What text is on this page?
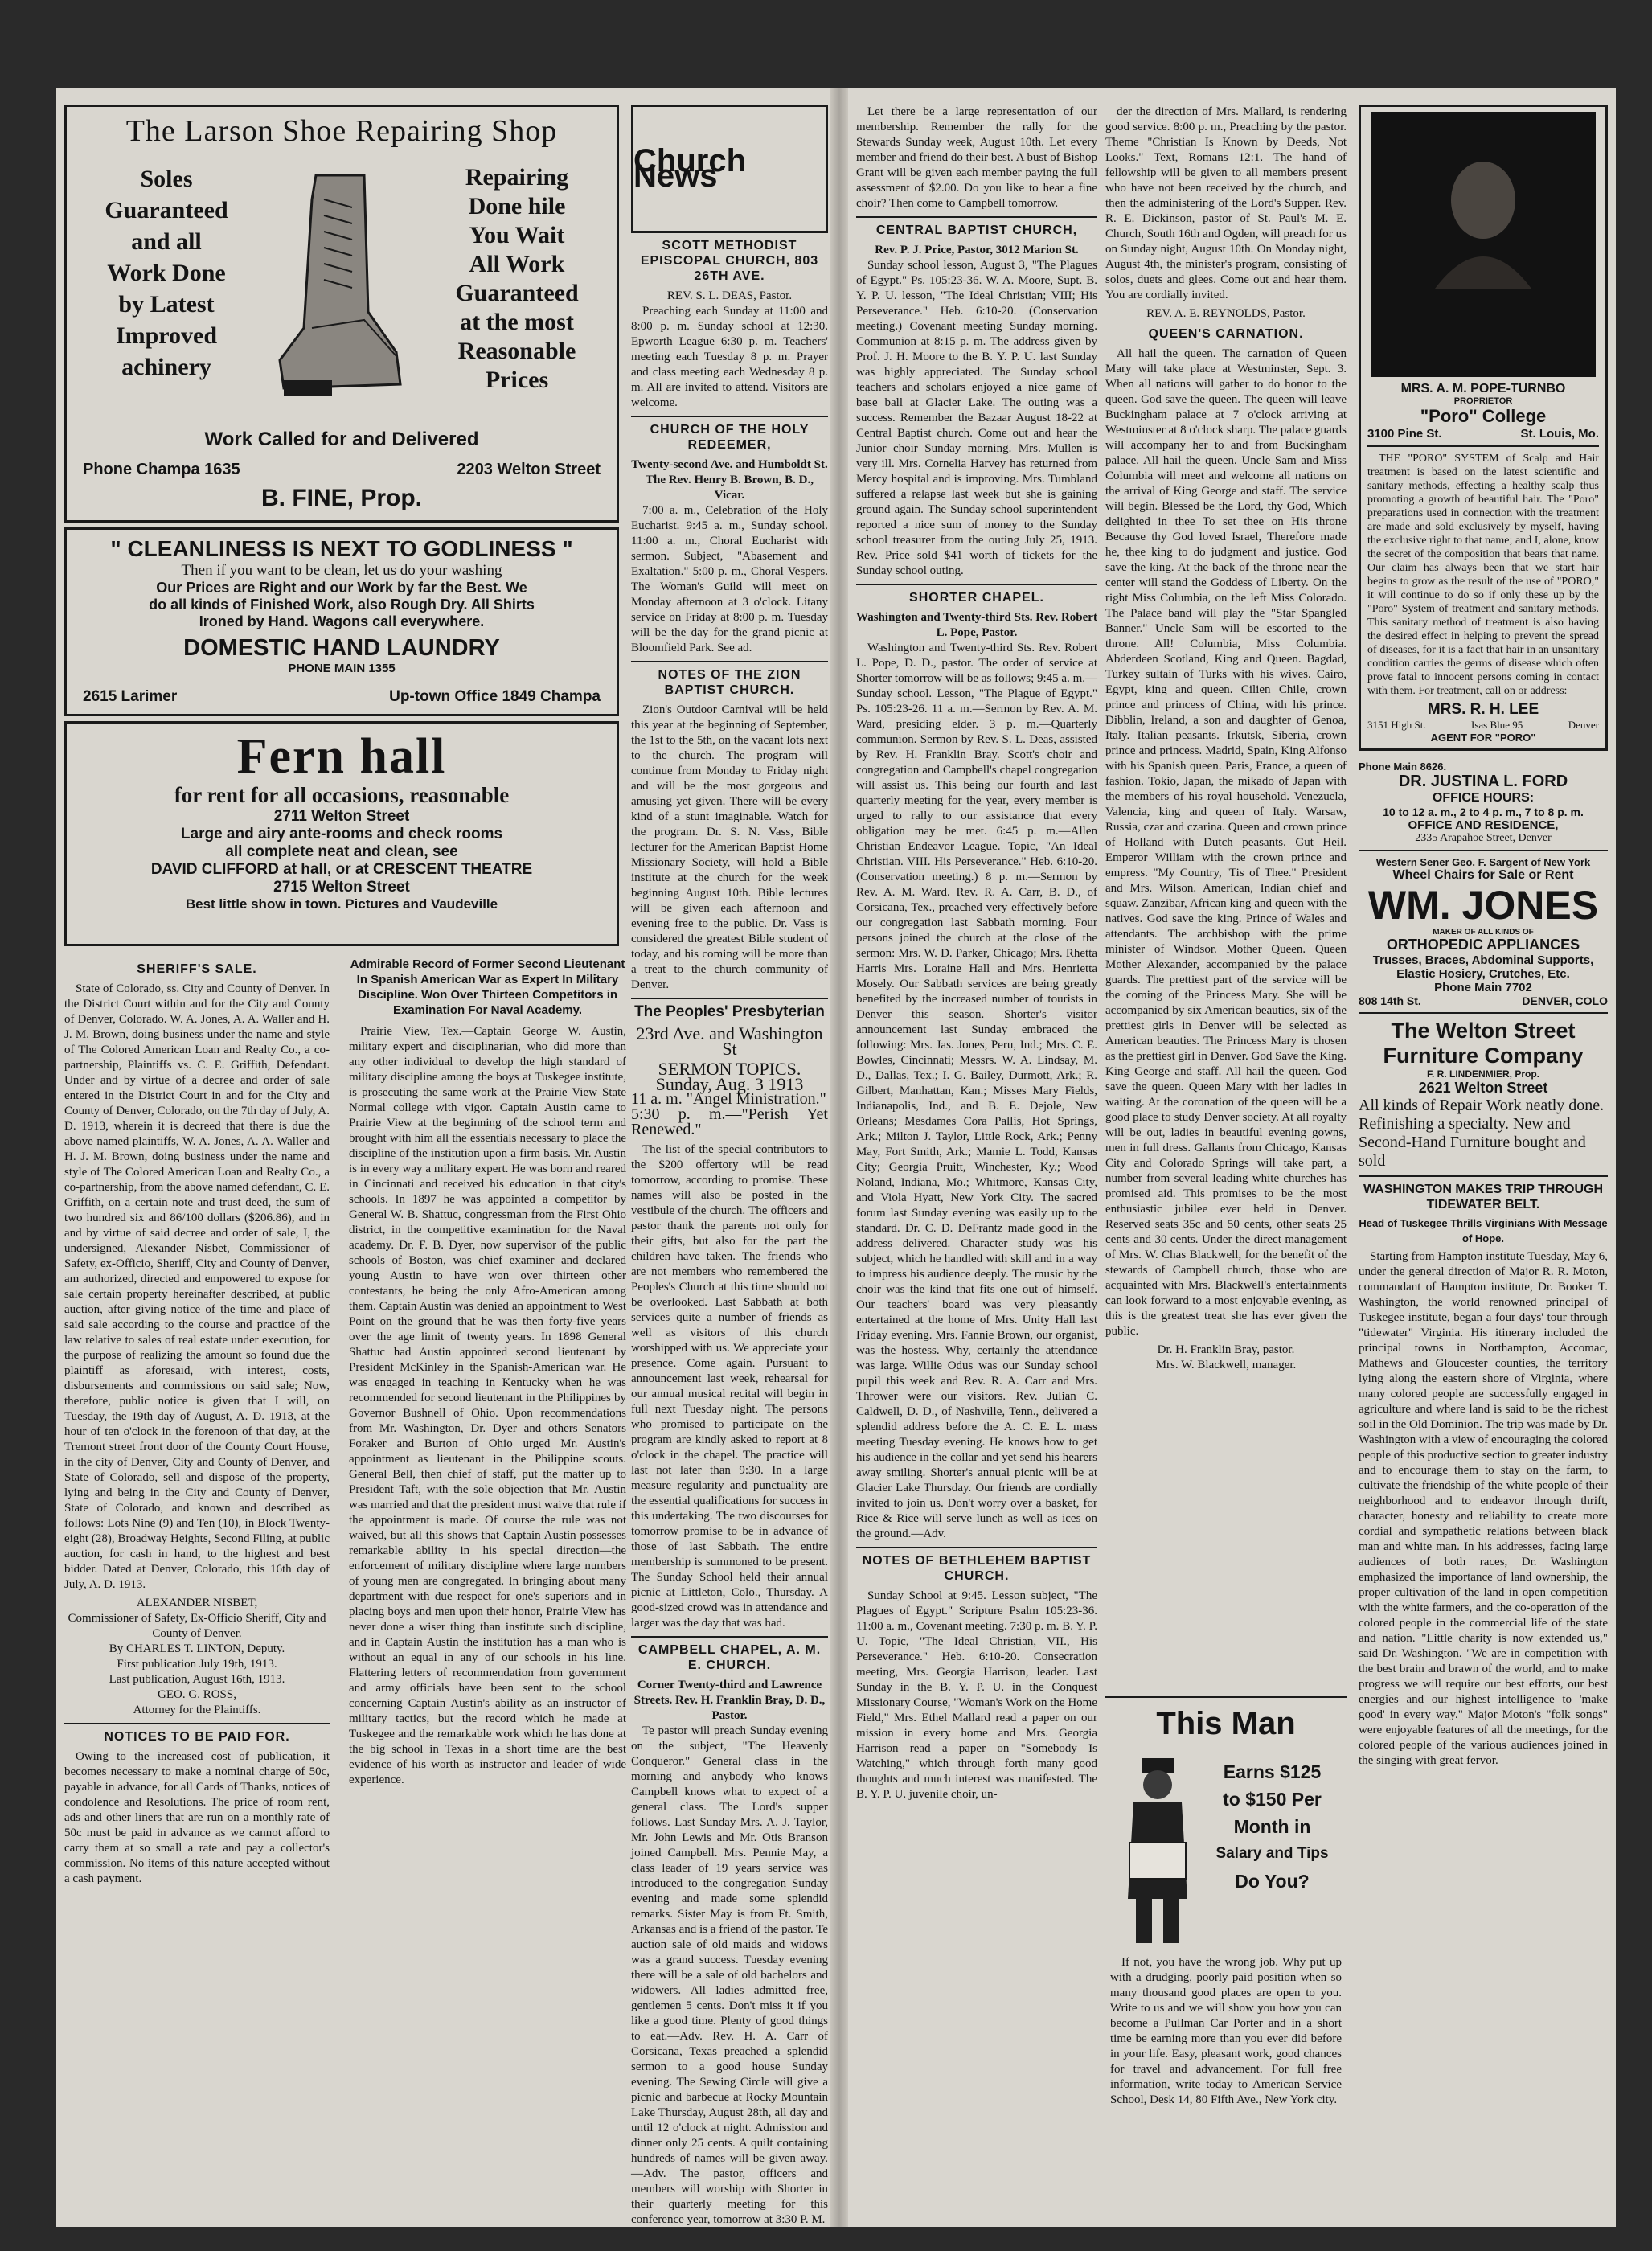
The Larson Shoe Repairing Shop
Soles
Guaranteed
and all
Work Done
by Latest
Improved
achinery
Repairing
Done hile
You Wait
All Work
Guaranteed
at the most
Reasonable
Prices
Work Called for and Delivered
Phone Champa 1635	2203 Welton Street
B. FINE, Prop.
" CLEANLINESS IS NEXT TO GODLINESS "
Then if you want to be clean, let us do your washing
Our Prices are Right and our Work by far the Best. We
do all kinds of Finished Work, also Rough Dry. All Shirts
Ironed by Hand. Wagons call everywhere.
DOMESTIC HAND LAUNDRY
PHONE MAIN 1355
2615 Larimer	Up-town Office 1849 Champa
Fern hall
for rent for all occasions, reasonable
2711 Welton Street
Large and airy ante-rooms and check rooms
all complete neat and clean, see
DAVID CLIFFORD at hall, or at CRESCENT THEATRE
2715 Welton Street
Best little show in town. Pictures and Vaudeville
SHERIFF'S SALE.
State of Colorado, ss. City and County of Denver. In the District Court within and for the City and County of Denver, Colorado. W. A. Jones, A. A. Waller and H. J. M. Brown, doing business under the name and style of The Colored American Loan and Realty Co., a co-partnership, Plaintiffs vs. C. E. Griffith, Defendant. Under and by virtue of a decree and order of sale entered in the District Court in and for the City and County of Denver, Colorado, on the 7th day of July, A. D. 1913, wherein it is decreed that there is due the above named plaintiffs, W. A. Jones, A. A. Waller and H. J. M. Brown, doing business under the name and style of The Colored American Loan and Realty Co., a co-partnership, from the above named defendant, C. E. Griffith, on a certain note and trust deed, the sum of two hundred six and 86/100 dollars ($206.86), and in and by virtue of said decree and order of sale, I, the undersigned, Alexander Nisbet, Commissioner of Safety, ex-Officio, Sheriff, City and County of Denver, am authorized, directed and empowered to expose for sale certain property hereinafter described, at public auction, after giving notice of the time and place of said sale according to the course and practice of the law relative to sales of real estate under execution, for the purpose of realizing the amount so found due the plaintiff as aforesaid, with interest, costs, disbursements and commissions on said sale; Now, therefore, public notice is given that I will, on Tuesday, the 19th day of August, A. D. 1913, at the hour of ten o'clock in the forenoon of that day, at the Tremont street front door of the County Court House, in the city of Denver, City and County of Denver, and State of Colorado, sell and dispose of the property, lying and being in the City and County of Denver, State of Colorado, and known and described as follows: Lots Nine (9) and Ten (10), in Block Twenty-eight (28), Broadway Heights, Second Filing, at public auction, for cash in hand, to the highest and best bidder. Dated at Denver, Colorado, this 16th day of July, A. D. 1913.
ALEXANDER NISBET,
Commissioner of Safety, Ex-Officio Sheriff, City and County of Denver.
By CHARLES T. LINTON, Deputy.
First publication July 19th, 1913.
Last publication, August 16th, 1913.
GEO. G. ROSS,
Attorney for the Plaintiffs.
NOTICES TO BE PAID FOR.
Owing to the increased cost of publication, it becomes necessary to make a nominal charge of 50c, payable in advance, for all Cards of Thanks, notices of condolence and Resolutions. The price of room rent, ads and other liners that are run on a monthly rate of 50c must be paid in advance as we cannot afford to carry them at so small a rate and pay a collector's commission. No items of this nature accepted without a cash payment.
Admirable Record of Former Second Lieutenant In Spanish American War as Expert In Military Discipline. Won Over Thirteen Competitors in Examination For Naval Academy.
Prairie View, Tex.—Captain George W. Austin, military expert and disciplinarian, who did more than any other individual to develop the high standard of military discipline among the boys at Tuskegee institute, is prosecuting the same work at the Prairie View State Normal college with vigor. Captain Austin came to Prairie View at the beginning of the school term and brought with him all the essentials necessary to place the discipline of the institution upon a firm basis. Mr. Austin is in every way a military expert. He was born and reared in Cincinnati and received his education in that city's schools. In 1897 he was appointed a competitor by General W. B. Shattuc, congressman from the First Ohio district, in the competitive examination for the Naval academy. Dr. F. B. Dyer, now supervisor of the public schools of Boston, was chief examiner and declared young Austin to have won over thirteen other contestants, he being the only Afro-American among them. Captain Austin was denied an appointment to West Point on the ground that he was then forty-five years over the age limit of twenty years. In 1898 General Shattuc had Austin appointed second lieutenant by President McKinley in the Spanish-American war. He was engaged in teaching in Kentucky when he was recommended for second lieutenant in the Philippines by Governor Bushnell of Ohio. Upon recommendations from Mr. Washington, Dr. Dyer and others Senators Foraker and Burton of Ohio urged Mr. Austin's appointment as lieutenant in the Philippine scouts. General Bell, then chief of staff, put the matter up to President Taft, with the sole objection that Mr. Austin was married and that the president must waive that rule if the appointment is made. Of course the rule was not waived, but all this shows that Captain Austin possesses remarkable ability in his special direction—the enforcement of military discipline where large numbers of young men are congregated. In bringing about many department with due respect for one's superiors and in placing boys and men upon their honor, Prairie View has never done a wiser thing than institute such discipline, and in Captain Austin the institution has a man who is without an equal in any of our schools in his line. Flattering letters of recommendation from government and army officials have been sent to the school concerning Captain Austin's ability as an instructor of military tactics, but the record which he made at Tuskegee and the remarkable work which he has done at the big school in Texas in a short time are the best evidence of his worth as instructor and leader of wide experience.
Church News
SCOTT METHODIST EPISCOPAL CHURCH, 803 26TH AVE.
REV. S. L. DEAS, Pastor.
Preaching each Sunday at 11:00 and 8:00 p. m. Sunday school at 12:30. Epworth League 6:30 p. m. Teachers' meeting each Tuesday 8 p. m. Prayer and class meeting each Wednesday 8 p. m. All are invited to attend. Visitors are welcome.
CHURCH OF THE HOLY REDEEMER,
Twenty-second Ave. and Humboldt St. The Rev. Henry B. Brown, B. D., Vicar.
7:00 a. m., Celebration of the Holy Eucharist. 9:45 a. m., Sunday school. 11:00 a. m., Choral Eucharist with sermon. Subject, "Abasement and Exaltation." 5:00 p. m., Choral Vespers. The Woman's Guild will meet on Monday afternoon at 3 o'clock. Litany service on Friday at 8:00 p. m. Tuesday will be the day for the grand picnic at Bloomfield Park. See ad.
NOTES OF THE ZION BAPTIST CHURCH.
Zion's Outdoor Carnival will be held this year at the beginning of September, the 1st to the 5th, on the vacant lots next to the church. The program will continue from Monday to Friday night and will be the most gorgeous and amusing yet given. There will be every kind of a stunt imaginable. Watch for the program. Dr. S. N. Vass, Bible lecturer for the American Baptist Home Missionary Society, will hold a Bible institute at the church for the week beginning August 10th. Bible lectures will be given each afternoon and evening free to the public. Dr. Vass is considered the greatest Bible student of today, and his coming will be more than a treat to the church community of Denver.
The Peoples' Presbyterian
23rd Ave. and Washington St
SERMON TOPICS.
Sunday, Aug. 3 1913
11 a. m. "Angel Ministration."
5:30 p. m.—"Perish Yet Renewed."
The list of the special contributors to the $200 offertory will be read tomorrow, according to promise. These names will also be posted in the vestibule of the church. The officers and pastor thank the parents not only for their gifts, but also for the part the children have taken. The friends who are not members who remembered the Peoples's Church at this time should not be overlooked. Last Sabbath at both services quite a number of friends as well as visitors of this church worshipped with us. We appreciate your presence. Come again. Pursuant to announcement last week, rehearsal for our annual musical recital will begin in full next Tuesday night. The persons who promised to participate on the program are kindly asked to report at 8 o'clock in the chapel. The practice will last not later than 9:30. In a large measure regularity and punctuality are the essential qualifications for success in this undertaking. The two discourses for tomorrow promise to be in advance of those of last Sabbath. The entire membership is summoned to be present. The Sunday School held their annual picnic at Littleton, Colo., Thursday. A good-sized crowd was in attendance and larger was the day that was had.
CAMPBELL CHAPEL, A. M. E. CHURCH.
Corner Twenty-third and Lawrence Streets. Rev. H. Franklin Bray, D. D., Pastor.
Te pastor will preach Sunday evening on the subject, "The Heavenly Conqueror." General class in the morning and anybody who knows Campbell knows what to expect of a general class. The Lord's supper follows. Last Sunday Mrs. A. J. Taylor, Mr. John Lewis and Mr. Otis Branson joined Campbell. Mrs. Pennie May, a class leader of 19 years service was introduced to the congregation Sunday evening and made some splendid remarks. Sister May is from Ft. Smith, Arkansas and is a friend of the pastor. Te auction sale of old maids and widows was a grand success. Tuesday evening there will be a sale of old bachelors and widowers. All ladies admitted free, gentlemen 5 cents. Don't miss it if you like a good time. Plenty of good things to eat.—Adv. Rev. H. A. Carr of Corsicana, Texas preached a splendid sermon to a good house Sunday evening. The Sewing Circle will give a picnic and barbecue at Rocky Mountain Lake Thursday, August 28th, all day and until 12 o'clock at night. Admission and dinner only 25 cents. A quilt containing hundreds of names will be given away.—Adv. The pastor, officers and members will worship with Shorter in their quarterly meeting for this conference year, tomorrow at 3:30 P. M.
Let there be a large representation of our membership. Remember the rally for the Stewards Sunday week, August 10th. Let every member and friend do their best. A bust of Bishop Grant will be given each member paying the full assessment of $2.00. Do you like to hear a fine choir? Then come to Campbell tomorrow.
CENTRAL BAPTIST CHURCH,
Rev. P. J. Price, Pastor, 3012 Marion St.
Sunday school lesson, August 3, "The Plagues of Egypt." Ps. 105:23-36. W. A. Moore, Supt. B. Y. P. U. lesson, "The Ideal Christian; VIII; His Perseverance." Heb. 6:10-20. (Conservation meeting.) Covenant meeting Sunday morning. Communion at 8:15 p. m. The address given by Prof. J. H. Moore to the B. Y. P. U. last Sunday was highly appreciated. The Sunday school teachers and scholars enjoyed a nice game of base ball at Glacier Lake. The outing was a success. Remember the Bazaar August 18-22 at Central Baptist church. Come out and hear the Junior choir Sunday morning. Mrs. Mullen is very ill. Mrs. Cornelia Harvey has returned from Mercy hospital and is improving. Mrs. Tumbland suffered a relapse last week but she is gaining ground again. The Sunday school superintendent reported a nice sum of money to the Sunday school treasurer from the outing July 25, 1913. Rev. Price sold $41 worth of tickets for the Sunday school outing.
SHORTER CHAPEL.
Washington and Twenty-third Sts. Rev. Robert L. Pope, Pastor.
Washington and Twenty-third Sts. Rev. Robert L. Pope, D. D., pastor. The order of service at Shorter tomorrow will be as follows; 9:45 a. m.—Sunday school. Lesson, "The Plague of Egypt." Ps. 105:23-26. 11 a. m.—Sermon by Rev. A. M. Ward, presiding elder. 3 p. m.—Quarterly communion. Sermon by Rev. S. L. Deas, assisted by Rev. H. Franklin Bray. Scott's choir and congregation and Campbell's chapel congregation will assist us. This being our fourth and last quarterly meeting for the year, every member is urged to rally to our assistance that every obligation may be met. 6:45 p. m.—Allen Christian Endeavor League. Topic, "An Ideal Christian. VIII. His Perseverance." Heb. 6:10-20. (Conservation meeting.) 8 p. m.—Sermon by Rev. A. M. Ward. Rev. R. A. Carr, B. D., of Corsicana, Tex., preached very effectively before our congregation last Sabbath morning. Four persons joined the church at the close of the sermon: Mrs. W. D. Parker, Chicago; Mrs. Rhetta Harris Mrs. Loraine Hall and Mrs. Henrietta Mosely. Our Sabbath services are being greatly benefited by the increased number of tourists in Denver this season. Shorter's visitor announcement last Sunday embraced the following: Mrs. Jas. Jones, Peru, Ind.; Mrs. C. E. Bowles, Cincinnati; Messrs. W. A. Lindsay, M. D., Dallas, Tex.; I. G. Bailey, Durmott, Ark.; R. Gilbert, Manhattan, Kan.; Misses Mary Fields, Indianapolis, Ind., and B. E. Dejole, New Orleans; Mesdames Cora Pallis, Hot Springs, Ark.; Milton J. Taylor, Little Rock, Ark.; Penny May, Fort Smith, Ark.; Mamie L. Todd, Kansas City; Georgia Pruitt, Winchester, Ky.; Wood Noland, Indiana, Mo.; Whitmore, Kansas City, and Viola Hyatt, New York City. The sacred forum last Sunday evening was easily up to the standard. Dr. C. D. DeFrantz made good in the address delivered. Character study was his subject, which he handled with skill and in a way to impress his audience deeply. The music by the choir was the kind that fits one out of himself. Our teachers' board was very pleasantly entertained at the home of Mrs. Unity Hall last Friday evening. Mrs. Fannie Brown, our organist, was the hostess. Why, certainly the attendance was large. Willie Odus was our Sunday school pupil this week and Rev. R. A. Carr and Mrs. Thrower were our visitors. Rev. Julian C. Caldwell, D. D., of Nashville, Tenn., delivered a splendid address before the A. C. E. L. mass meeting Tuesday evening. He knows how to get his audience in the collar and yet send his hearers away smiling. Shorter's annual picnic will be at Glacier Lake Thursday. Our friends are cordially invited to join us. Don't worry over a basket, for Rice & Rice will serve lunch as well as ices on the ground.—Adv.
NOTES OF BETHLEHEM BAPTIST CHURCH.
Sunday School at 9:45. Lesson subject, "The Plagues of Egypt." Scripture Psalm 105:23-36. 11:00 a. m., Covenant meeting. 7:30 p. m. B. Y. P. U. Topic, "The Ideal Christian, VII., His Perseverance." Heb. 6:10-20. Consecration meeting, Mrs. Georgia Harrison, leader. Last Sunday in the B. Y. P. U. in the Conquest Missionary Course, "Woman's Work on the Home Field," Mrs. Ethel Mallard read a paper on our mission in every home and Mrs. Georgia Harrison read a paper on "Somebody Is Watching," which through forth many good thoughts and much interest was manifested. The B. Y. P. U. juvenile choir, un-
der the direction of Mrs. Mallard, is rendering good service. 8:00 p. m., Preaching by the pastor. Theme "Christian Is Known by Deeds, Not Looks." Text, Romans 12:1. The hand of fellowship will be given to all members present who have not been received by the church, and then the administering of the Lord's Supper. Rev. R. E. Dickinson, pastor of St. Paul's M. E. Church, South 16th and Ogden, will preach for us on Sunday night, August 10th. On Monday night, August 4th, the minister's program, consisting of solos, duets and glees. Come out and hear them. You are cordially invited.
REV. A. E. REYNOLDS, Pastor.
QUEEN'S CARNATION.
All hail the queen. The carnation of Queen Mary will take place at Westminster, Sept. 3. When all nations will gather to do honor to the queen. God save the queen. The queen will leave Buckingham palace at 7 o'clock arriving at Westminster at 8 o'clock sharp. The palace guards will accompany her to and from Buckingham palace. All hail the queen. Uncle Sam and Miss Columbia will meet and welcome all nations on the arrival of King George and staff. The service will begin. Blessed be the Lord, thy God, Which delighted in thee To set thee on His throne Because thy God loved Israel, Therefore made he, thee king to do judgment and justice. God save the king. At the back of the throne near the center will stand the Goddess of Liberty. On the right Miss Columbia, on the left Miss Colorado. The Palace band will play the "Star Spangled Banner." Uncle Sam will be escorted to the throne. All! Columbia, Miss Columbia. Abderdeen Scotland, King and Queen. Bagdad, Turkey sultain of Turks with his wives. Cairo, Egypt, king and queen. Cilien Chile, crown prince and princess of China, with his prince. Dibblin, Ireland, a son and daughter of Genoa, Italy. Italian peasants. Irkutsk, Siberia, crown prince and princess. Madrid, Spain, King Alfonso with his Spanish queen. Paris, France, a queen of fashion. Tokio, Japan, the mikado of Japan with the members of his royal household. Venezuela, Valencia, king and queen of Italy. Warsaw, Russia, czar and czarina. Queen and crown prince of Holland with Dutch peasants. Gut Heil. Emperor William with the crown prince and empress. "My Country, 'Tis of Thee." President and Mrs. Wilson. American, Indian chief and squaw. Zanzibar, African king and queen with the natives. God save the king. Prince of Wales and attendants. The archbishop with the prime minister of Windsor. Mother Queen. Queen Mother Alexander, accompanied by the palace guards. The prettiest part of the service will be the coming of the Princess Mary. She will be accompanied by six American beauties, six of the prettiest girls in Denver will be selected as American beauties. The Princess Mary is chosen as the prettiest girl in Denver. God Save the King. King George and staff. All hail the queen. God save the queen. Queen Mary with her ladies in waiting. At the coronation of the queen will be a good place to study Denver society. At all royalty will be out, ladies in beautiful evening gowns, men in full dress. Gallants from Chicago, Kansas City and Colorado Springs will take part, a number from several leading white churches has promised aid. This promises to be the most enthusiastic jubilee ever held in Denver. Reserved seats 35c and 50 cents, other seats 25 cents and 30 cents. Under the direct management of Mrs. W. Chas Blackwell, for the benefit of the stewards of Campbell church, those who are acquainted with Mrs. Blackwell's entertainments can look forward to a most enjoyable evening, as this is the greatest treat she has ever given the public.
Dr. H. Franklin Bray, pastor.
Mrs. W. Blackwell, manager.
This Man
Earns $125
to $150 Per
Month in
Salary and Tips
Do You?
If not, you have the wrong job. Why put up with a drudging, poorly paid position when so many thousand good places are open to you. Write to us and we will show you how you can become a Pullman Car Porter and in a short time be earning more than you ever did before in your life. Easy, pleasant work, good chances for travel and advancement. For full free information, write today to American Service School, Desk 14, 80 Fifth Ave., New York city.
MRS. A. M. POPE-TURNBO
PROPRIETOR
"Poro" College
3100 Pine St.	St. Louis, Mo.
THE "PORO" SYSTEM of Scalp and Hair treatment is based on the latest scientific and sanitary methods, effecting a healthy scalp thus promoting a growth of beautiful hair. The "Poro" preparations used in connection with the treatment are made and sold exclusively by myself, having the exclusive right to that name; and I, alone, know the secret of the composition that bears that name. Our claim has always been that we start hair begins to grow as the result of the use of "PORO," it will continue to do so if only these up by the "Poro" System of treatment and sanitary methods. This sanitary method of treatment is also having the desired effect in helping to prevent the spread of diseases, for it is a fact that hair in an unsanitary condition carries the germs of disease which often prove fatal to innocent persons coming in contact with them. For treatment, call on or address:
MRS. R. H. LEE
3151 High St.	Isas Blue 95	Denver
AGENT FOR "PORO"
Phone Main 8626.
DR. JUSTINA L. FORD
OFFICE HOURS:
10 to 12 a. m., 2 to 4 p. m., 7 to 8 p. m.
OFFICE AND RESIDENCE,
2335 Arapahoe Street, Denver
Western Sener Geo. F. Sargent of New York
Wheel Chairs for Sale or Rent
WM. JONES
MAKER OF ALL KINDS OF
ORTHOPEDIC APPLIANCES
Trusses, Braces, Abdominal Supports, Elastic Hosiery, Crutches, Etc.
Phone Main 7702
808 14th St.	DENVER, COLO
The Welton Street
Furniture Company
F. R. LINDENMIER, Prop.
2621 Welton Street
All kinds of Repair Work neatly done. Refinishing a specialty. New and Second-Hand Furniture bought and sold
WASHINGTON MAKES TRIP THROUGH TIDEWATER BELT.
Head of Tuskegee Thrills Virginians With Message of Hope.
Starting from Hampton institute Tuesday, May 6, under the general direction of Major R. R. Moton, commandant of Hampton institute, Dr. Booker T. Washington, the world renowned principal of Tuskegee institute, began a four days' tour through "tidewater" Virginia. His itinerary included the principal towns in Northampton, Accomac, Mathews and Gloucester counties, the territory lying along the eastern shore of Virginia, where many colored people are successfully engaged in agriculture and where land is said to be the richest soil in the Old Dominion. The trip was made by Dr. Washington with a view of encouraging the colored people of this productive section to greater industry and to encourage them to stay on the farm, to cultivate the friendship of the white people of their neighborhood and to endeavor through thrift, character, honesty and reliability to create more cordial and sympathetic relations between black man and white man. In his addresses, facing large audiences of both races, Dr. Washington emphasized the importance of land ownership, the proper cultivation of the land in open competition with the white farmers, and the co-operation of the colored people in the commercial life of the state and nation. "Little charity is now extended us," said Dr. Washington. "We are in competition with the best brain and brawn of the world, and to make progress we will require our best efforts, our best energies and our highest intelligence to 'make good' in every way." Major Moton's "folk songs" were enjoyable features of all the meetings, for the colored people of the various audiences joined in the singing with great fervor.
